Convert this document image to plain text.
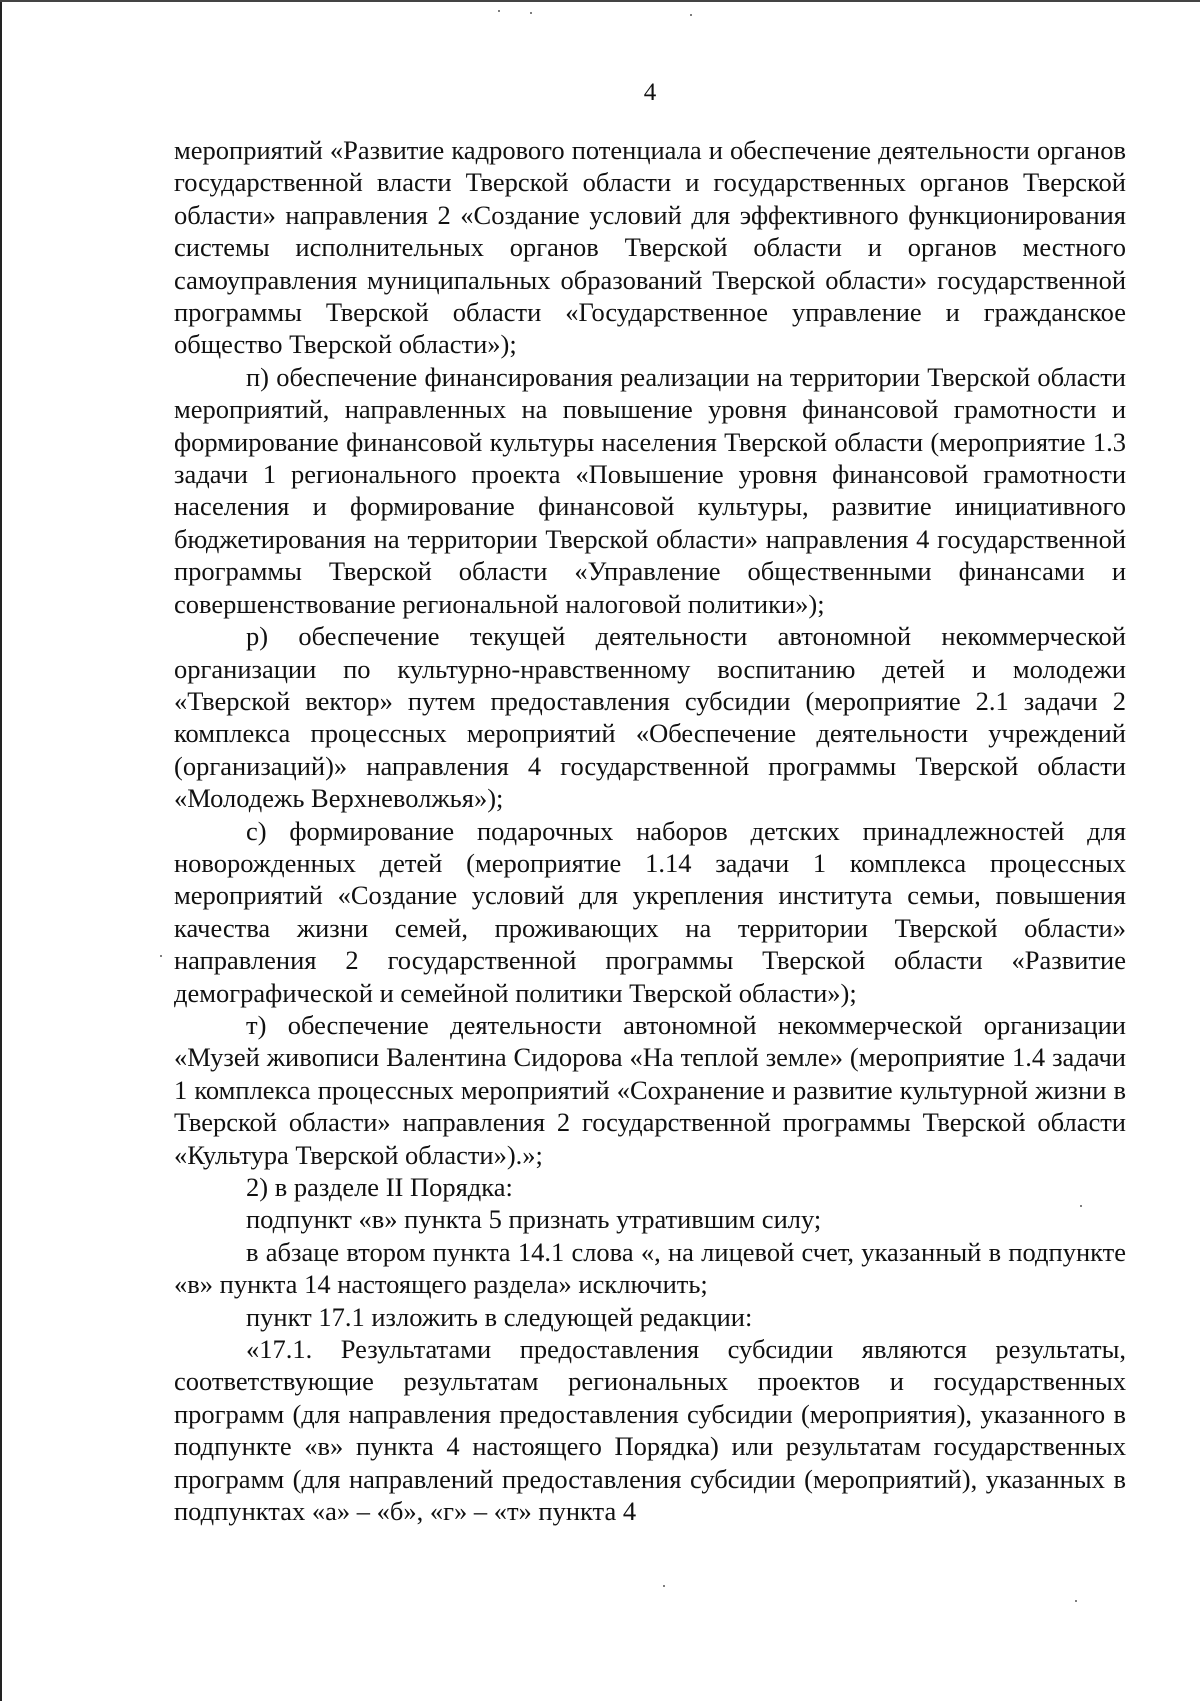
4

мероприятий «Развитие кадрового потенциала и обеспечение деятельности органов государственной власти Тверской области и государственных органов Тверской области» направления 2 «Создание условий для эффективного функционирования системы исполнительных органов Тверской области и органов местного самоуправления муниципальных образований Тверской области» государственной программы Тверской области «Государственное управление и гражданское общество Тверской области»);

п) обеспечение финансирования реализации на территории Тверской области мероприятий, направленных на повышение уровня финансовой грамотности и формирование финансовой культуры населения Тверской области (мероприятие 1.3 задачи 1 регионального проекта «Повышение уровня финансовой грамотности населения и формирование финансовой культуры, развитие инициативного бюджетирования на территории Тверской области» направления 4 государственной программы Тверской области «Управление общественными финансами и совершенствование региональной налоговой политики»);

р) обеспечение текущей деятельности автономной некоммерческой организации по культурно-нравственному воспитанию детей и молодежи «Тверской вектор» путем предоставления субсидии (мероприятие 2.1 задачи 2 комплекса процессных мероприятий «Обеспечение деятельности учреждений (организаций)» направления 4 государственной программы Тверской области «Молодежь Верхневолжья»);

с) формирование подарочных наборов детских принадлежностей для новорожденных детей (мероприятие 1.14 задачи 1 комплекса процессных мероприятий «Создание условий для укрепления института семьи, повышения качества жизни семей, проживающих на территории Тверской области» направления 2 государственной программы Тверской области «Развитие демографической и семейной политики Тверской области»);

т) обеспечение деятельности автономной некоммерческой организации «Музей живописи Валентина Сидорова «На теплой земле» (мероприятие 1.4 задачи 1 комплекса процессных мероприятий «Сохранение и развитие культурной жизни в Тверской области» направления 2 государственной программы Тверской области «Культура Тверской области»).»;

2) в разделе II Порядка:

подпункт «в» пункта 5 признать утратившим силу;

в абзаце втором пункта 14.1 слова «, на лицевой счет, указанный в подпункте «в» пункта 14 настоящего раздела» исключить;

пункт 17.1 изложить в следующей редакции:

«17.1. Результатами предоставления субсидии являются результаты, соответствующие результатам региональных проектов и государственных программ (для направления предоставления субсидии (мероприятия), указанного в подпункте «в» пункта 4 настоящего Порядка) или результатам государственных программ (для направлений предоставления субсидии (мероприятий), указанных в подпунктах «а» – «б», «г» – «т» пункта 4
